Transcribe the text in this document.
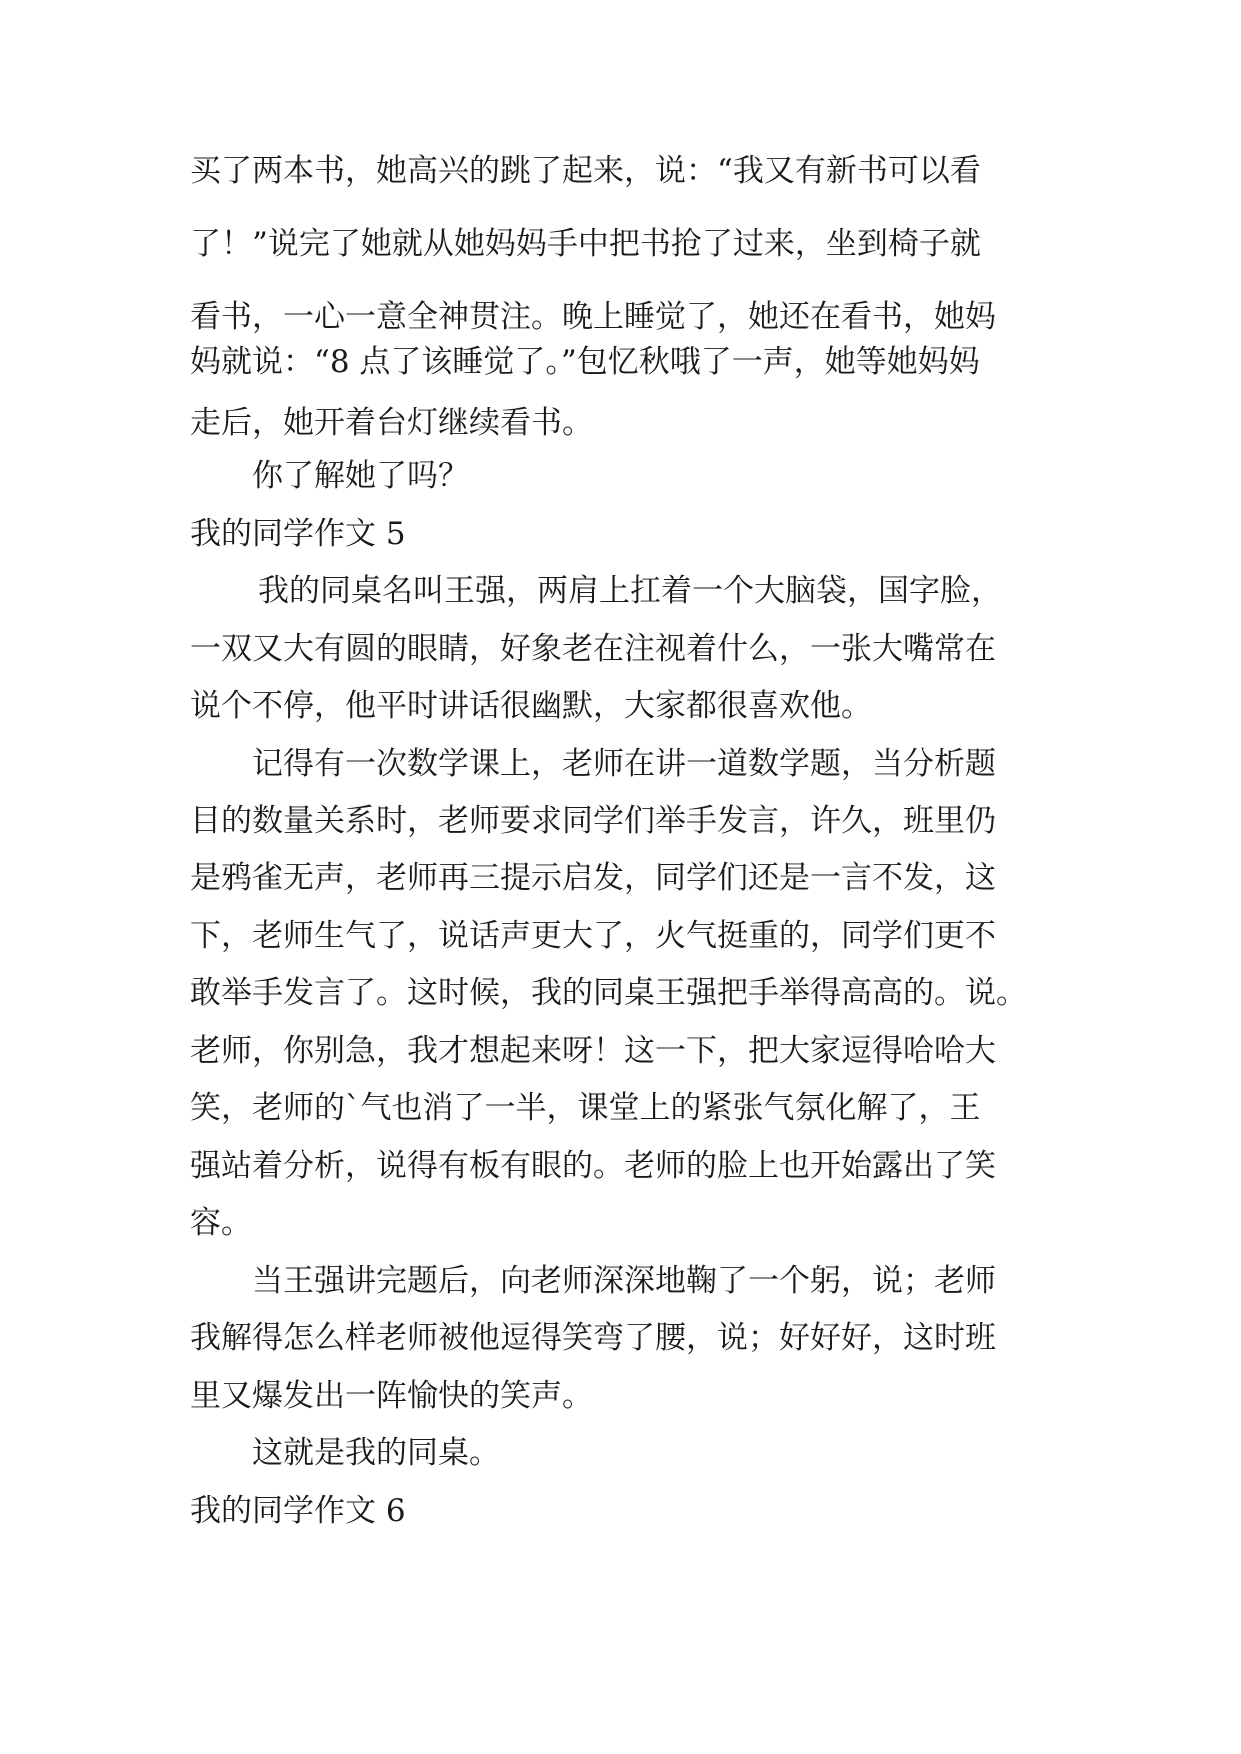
买了两本书，她高兴的跳了起来，说：“我又有新书可以看
了！”说完了她就从她妈妈手中把书抢了过来，坐到椅子就
看书，一心一意全神贯注。晚上睡觉了，她还在看书，她妈
妈就说：“8 点了该睡觉了。”包忆秋哦了一声，她等她妈妈
走后，她开着台灯继续看书。
你了解她了吗？
我的同学作文 5
我的同桌名叫王强，两肩上扛着一个大脑袋，国字脸，
一双又大有圆的眼睛，好象老在注视着什么，一张大嘴常在
说个不停，他平时讲话很幽默，大家都很喜欢他。
记得有一次数学课上，老师在讲一道数学题，当分析题
目的数量关系时，老师要求同学们举手发言，许久，班里仍
是鸦雀无声，老师再三提示启发，同学们还是一言不发，这
下，老师生气了，说话声更大了，火气挺重的，同学们更不
敢举手发言了。这时候，我的同桌王强把手举得高高的。说。
老师，你别急，我才想起来呀！这一下，把大家逗得哈哈大
笑，老师的`气也消了一半，课堂上的紧张气氛化解了，王
强站着分析，说得有板有眼的。老师的脸上也开始露出了笑
容。
当王强讲完题后，向老师深深地鞠了一个躬，说；老师
我解得怎么样老师被他逗得笑弯了腰，说；好好好，这时班
里又爆发出一阵愉快的笑声。
这就是我的同桌。
我的同学作文 6
